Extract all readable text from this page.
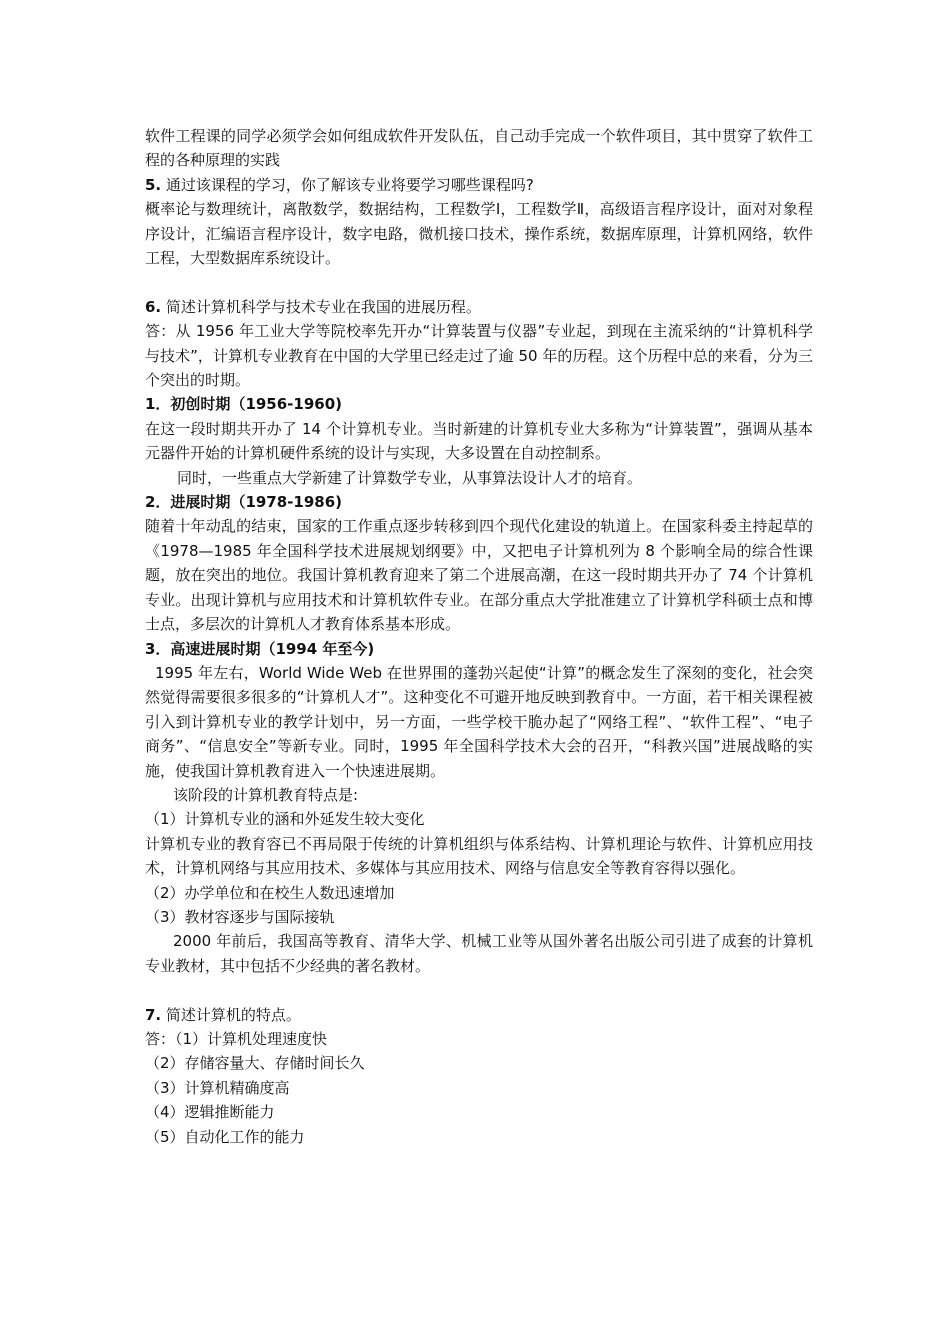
软件工程课的同学必须学会如何组成软件开发队伍，自己动手完成一个软件项目，其中贯穿了软件工程的各种原理的实践

5. 通过该课程的学习，你了解该专业将要学习哪些课程吗?

概率论与数理统计，离散数学，数据结构，工程数学Ⅰ，工程数学Ⅱ，高级语言程序设计，面对对象程序设计，汇编语言程序设计，数字电路，微机接口技术，操作系统，数据库原理，计算机网络，软件工程，大型数据库系统设计。

6. 简述计算机科学与技术专业在我国的进展历程。

答：从 1956 年工业大学等院校率先开办“计算装置与仪器”专业起，到现在主流采纳的“计算机科学与技术”，计算机专业教育在中国的大学里已经走过了逾 50 年的历程。这个历程中总的来看，分为三个突出的时期。

1．初创时期（1956-1960)

在这一段时期共开办了 14 个计算机专业。当时新建的计算机专业大多称为“计算装置”，强调从基本元器件开始的计算机硬件系统的设计与实现，大多设置在自动控制系。

同时，一些重点大学新建了计算数学专业，从事算法设计人才的培育。

2．进展时期（1978-1986)

随着十年动乱的结束，国家的工作重点逐步转移到四个现代化建设的轨道上。在国家科委主持起草的《1978—1985 年全国科学技术进展规划纲要》中，又把电子计算机列为 8 个影响全局的综合性课题，放在突出的地位。我国计算机教育迎来了第二个进展高潮，在这一段时期共开办了 74 个计算机专业。出现计算机与应用技术和计算机软件专业。在部分重点大学批准建立了计算机学科硕士点和博士点，多层次的计算机人才教育体系基本形成。

3．高速进展时期（1994 年至今)

1995 年左右，World Wide Web 在世界围的蓬勃兴起使“计算”的概念发生了深刻的变化，社会突然觉得需要很多很多的“计算机人才”。这种变化不可避开地反映到教育中。一方面，若干相关课程被引入到计算机专业的教学计划中，另一方面，一些学校干脆办起了“网络工程”、“软件工程”、“电子商务”、“信息安全”等新专业。同时，1995 年全国科学技术大会的召开，“科教兴国”进展战略的实施，使我国计算机教育进入一个快速进展期。

该阶段的计算机教育特点是:

（1）计算机专业的涵和外延发生较大变化

计算机专业的教育容已不再局限于传统的计算机组织与体系结构、计算机理论与软件、计算机应用技术，计算机网络与其应用技术、多媒体与其应用技术、网络与信息安全等教育容得以强化。

（2）办学单位和在校生人数迅速增加

（3）教材容逐步与国际接轨

2000 年前后，我国高等教育、清华大学、机械工业等从国外著名出版公司引进了成套的计算机专业教材，其中包括不少经典的著名教材。

7. 简述计算机的特点。

答：（1）计算机处理速度快

（2）存储容量大、存储时间长久

（3）计算机精确度高

（4）逻辑推断能力

（5）自动化工作的能力
